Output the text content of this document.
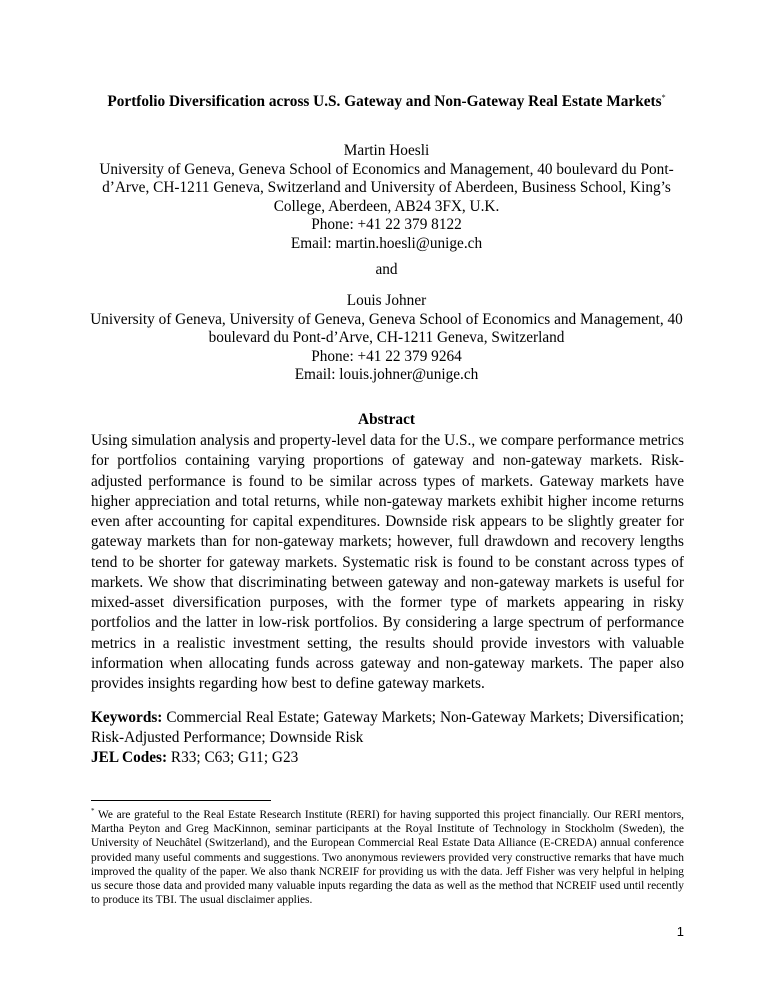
Portfolio Diversification across U.S. Gateway and Non-Gateway Real Estate Markets*
Martin Hoesli
University of Geneva, Geneva School of Economics and Management, 40 boulevard du Pont-d’Arve, CH-1211 Geneva, Switzerland and University of Aberdeen, Business School, King’s College, Aberdeen, AB24 3FX, U.K.
Phone: +41 22 379 8122
Email: martin.hoesli@unige.ch
and
Louis Johner
University of Geneva, University of Geneva, Geneva School of Economics and Management, 40 boulevard du Pont-d’Arve, CH-1211 Geneva, Switzerland
Phone: +41 22 379 9264
Email: louis.johner@unige.ch
Abstract
Using simulation analysis and property-level data for the U.S., we compare performance metrics for portfolios containing varying proportions of gateway and non-gateway markets. Risk-adjusted performance is found to be similar across types of markets. Gateway markets have higher appreciation and total returns, while non-gateway markets exhibit higher income returns even after accounting for capital expenditures. Downside risk appears to be slightly greater for gateway markets than for non-gateway markets; however, full drawdown and recovery lengths tend to be shorter for gateway markets. Systematic risk is found to be constant across types of markets. We show that discriminating between gateway and non-gateway markets is useful for mixed-asset diversification purposes, with the former type of markets appearing in risky portfolios and the latter in low-risk portfolios. By considering a large spectrum of performance metrics in a realistic investment setting, the results should provide investors with valuable information when allocating funds across gateway and non-gateway markets. The paper also provides insights regarding how best to define gateway markets.
Keywords: Commercial Real Estate; Gateway Markets; Non-Gateway Markets; Diversification; Risk-Adjusted Performance; Downside Risk
JEL Codes: R33; C63; G11; G23
* We are grateful to the Real Estate Research Institute (RERI) for having supported this project financially. Our RERI mentors, Martha Peyton and Greg MacKinnon, seminar participants at the Royal Institute of Technology in Stockholm (Sweden), the University of Neuchâtel (Switzerland), and the European Commercial Real Estate Data Alliance (E-CREDA) annual conference provided many useful comments and suggestions. Two anonymous reviewers provided very constructive remarks that have much improved the quality of the paper. We also thank NCREIF for providing us with the data. Jeff Fisher was very helpful in helping us secure those data and provided many valuable inputs regarding the data as well as the method that NCREIF used until recently to produce its TBI. The usual disclaimer applies.
1
